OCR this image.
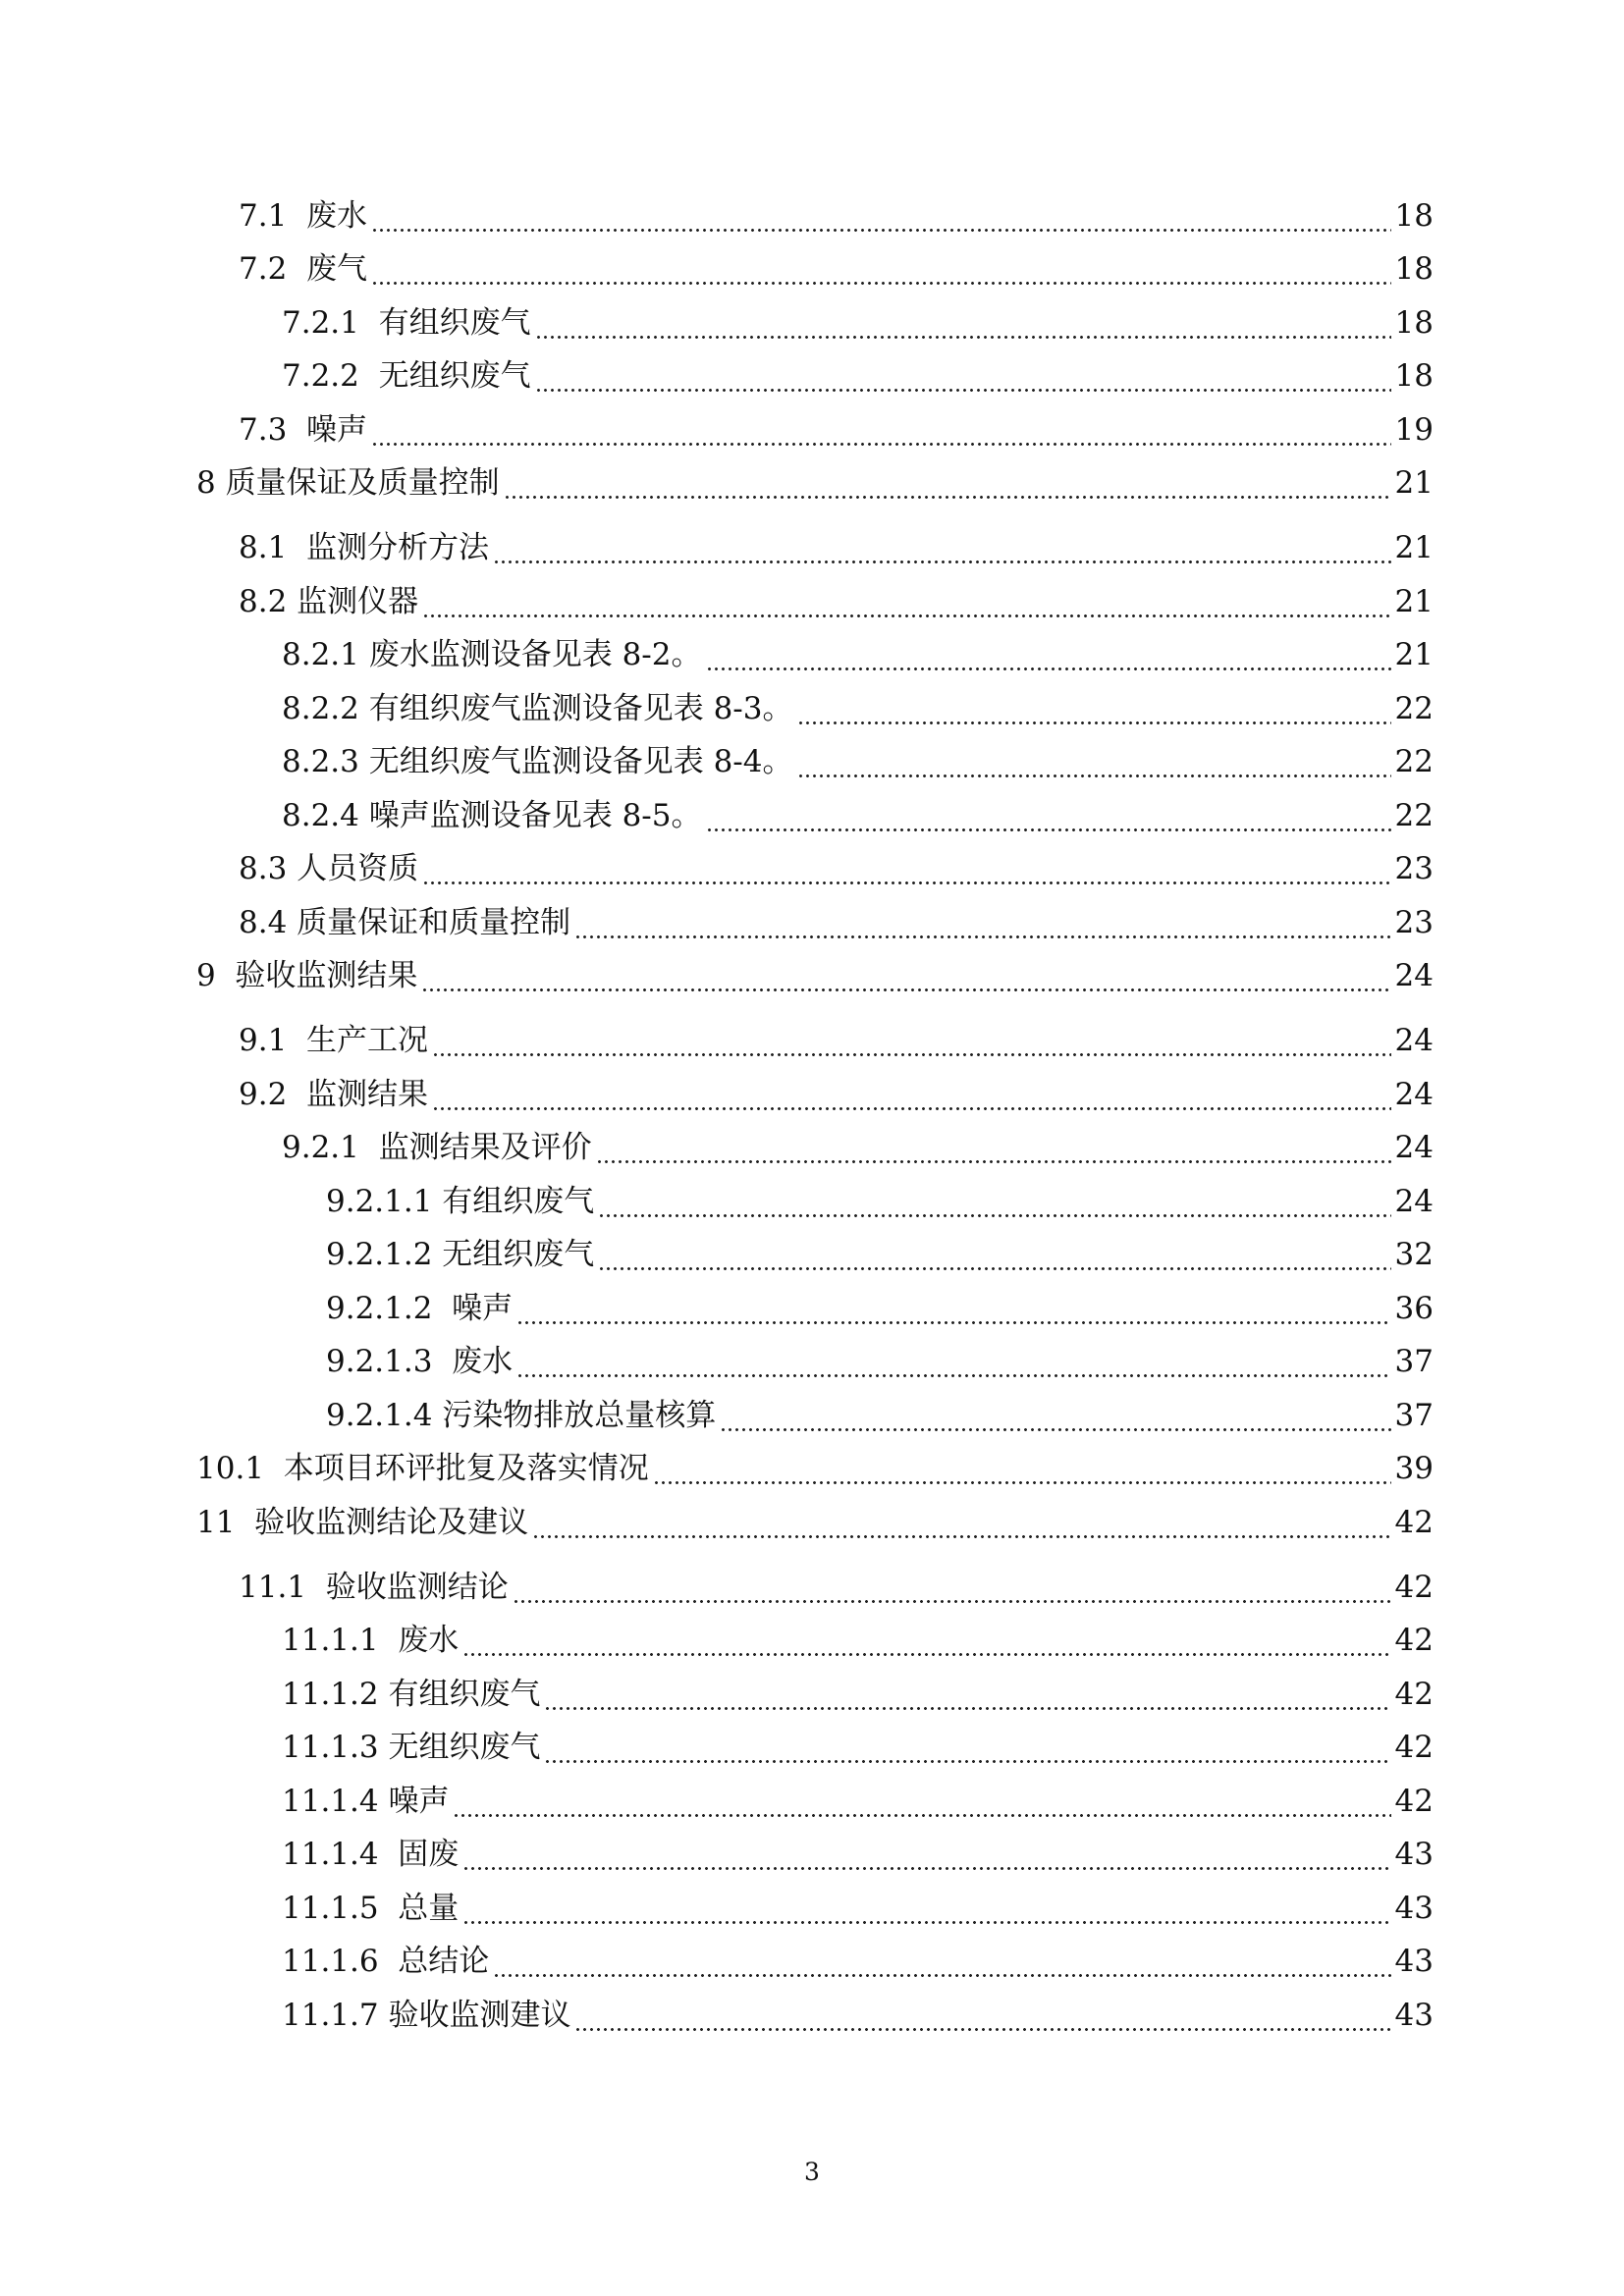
7.1  废水	18
7.2  废气	18
7.2.1  有组织废气	18
7.2.2  无组织废气	18
7.3  噪声	19
8 质量保证及质量控制	21
8.1  监测分析方法	21
8.2 监测仪器	21
8.2.1 废水监测设备见表 8-2。	21
8.2.2 有组织废气监测设备见表 8-3。	22
8.2.3 无组织废气监测设备见表 8-4。	22
8.2.4 噪声监测设备见表 8-5。	22
8.3 人员资质	23
8.4 质量保证和质量控制	23
9  验收监测结果	24
9.1  生产工况	24
9.2  监测结果	24
9.2.1  监测结果及评价	24
9.2.1.1 有组织废气	24
9.2.1.2 无组织废气	32
9.2.1.2  噪声	36
9.2.1.3  废水	37
9.2.1.4 污染物排放总量核算	37
10.1  本项目环评批复及落实情况	39
11  验收监测结论及建议	42
11.1  验收监测结论	42
11.1.1  废水	42
11.1.2 有组织废气	42
11.1.3 无组织废气	42
11.1.4 噪声	42
11.1.4  固废	43
11.1.5  总量	43
11.1.6  总结论	43
11.1.7 验收监测建议	43
3
